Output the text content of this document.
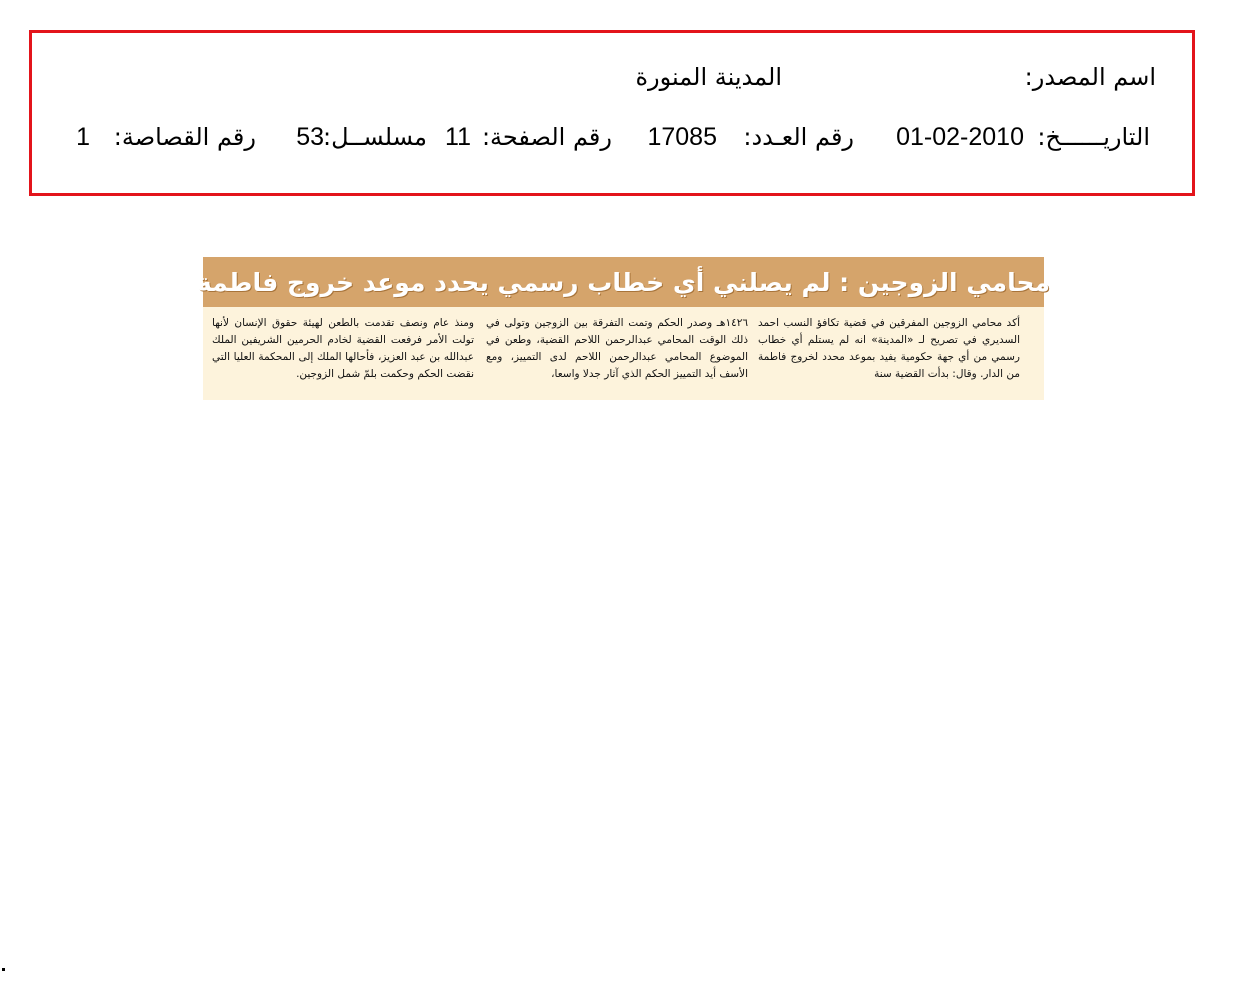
اسم المصدر:
المدينة المنورة
التاريــــــخ:
01-02-2010
رقم العـدد:
17085
رقم الصفحة:
11
مسلســل:
53
رقم القصاصة:
1
محامي الزوجين : لم يصلني أي خطاب رسمي يحدد موعد خروج فاطمة
أكد محامي الزوجين المفرقين في قضية تكافؤ النسب احمد السديري في تصريح لـ «المدينة» انه لم يستلم أي خطاب رسمي من أي جهة حكومية يفيد بموعد محدد لخروج فاطمة من الدار. وقال: بدأت القضية سنة
١٤٢٦هـ وصدر الحكم وتمت التفرقة بين الزوجين وتولى في ذلك الوقت المحامي عبدالرحمن اللاحم القضية، وطعن في الموضوع المحامي عبدالرحمن اللاحم لدى التمييز، ومع الأسف أيد التمييز الحكم الذي آثار جدلا واسعا،
ومنذ عام ونصف تقدمت بالطعن لهيئة حقوق الإنسان لأنها تولت الأمر فرفعت القضية لخادم الحرمين الشريفين الملك عبدالله بن عبد العزيز، فأحالها الملك إلى المحكمة العليا التي نقضت الحكم وحكمت بلمّ شمل الزوجين.
